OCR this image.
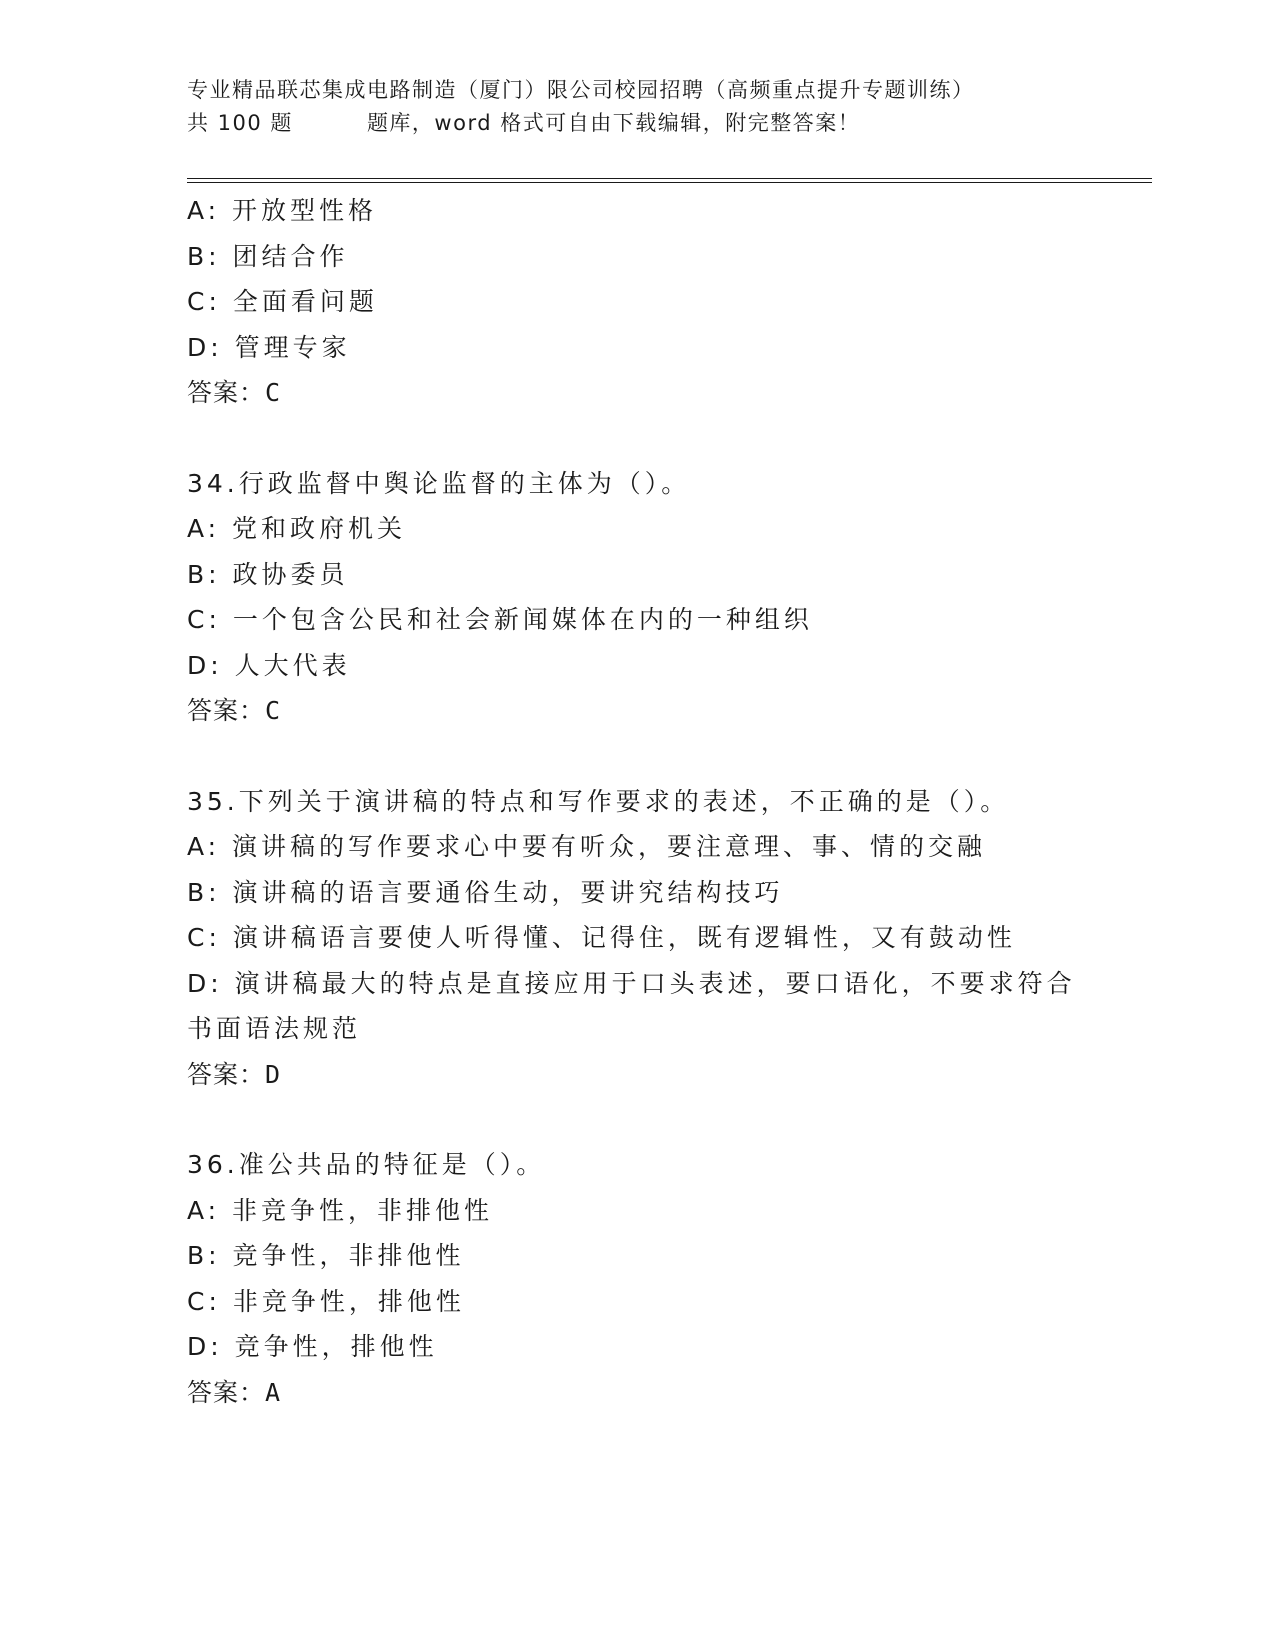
专业精品联芯集成电路制造（厦门）限公司校园招聘（高频重点提升专题训练）
共 100 题	题库，word 格式可自由下载编辑，附完整答案！
A: 开放型性格
B: 团结合作
C: 全面看问题
D: 管理专家
答案：C
34.行政监督中舆论监督的主体为（）。
A: 党和政府机关
B: 政协委员
C: 一个包含公民和社会新闻媒体在内的一种组织
D: 人大代表
答案：C
35.下列关于演讲稿的特点和写作要求的表述，不正确的是（）。
A: 演讲稿的写作要求心中要有听众，要注意理、事、情的交融
B: 演讲稿的语言要通俗生动，要讲究结构技巧
C: 演讲稿语言要使人听得懂、记得住，既有逻辑性，又有鼓动性
D: 演讲稿最大的特点是直接应用于口头表述，要口语化，不要求符合
书面语法规范
答案：D
36.准公共品的特征是（）。
A: 非竞争性，非排他性
B: 竞争性，非排他性
C: 非竞争性，排他性
D: 竞争性，排他性
答案：A
